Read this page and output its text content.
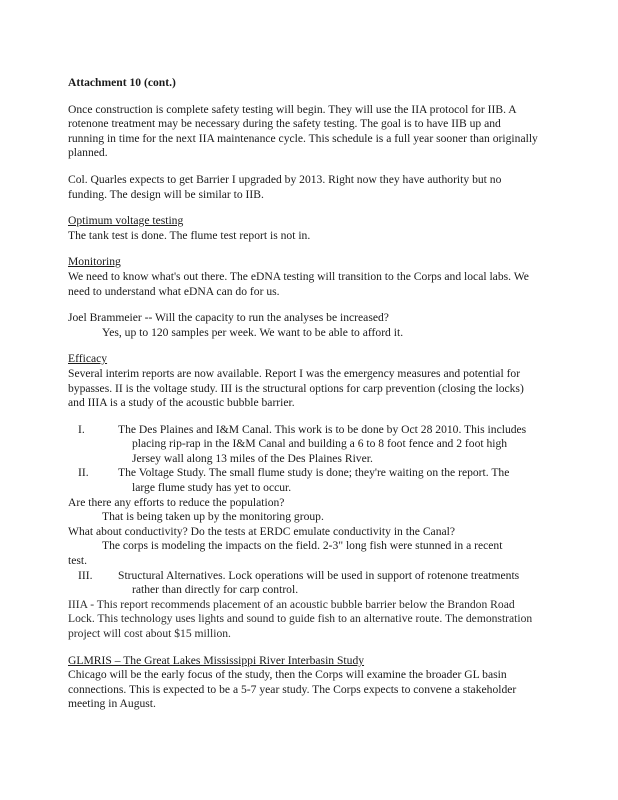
Attachment 10 (cont.)

Once construction is complete safety testing will begin. They will use the IIA protocol for IIB. A rotenone treatment may be necessary during the safety testing. The goal is to have IIB up and running in time for the next IIA maintenance cycle. This schedule is a full year sooner than originally planned.

Col. Quarles expects to get Barrier I upgraded by 2013. Right now they have authority but no funding. The design will be similar to IIB.

Optimum voltage testing

The tank test is done. The flume test report is not in.

Monitoring

We need to know what's out there. The eDNA testing will transition to the Corps and local labs. We need to understand what eDNA can do for us.

Joel Brammeier -- Will the capacity to run the analyses be increased?

Yes, up to 120 samples per week. We want to be able to afford it.

Efficacy

Several interim reports are now available. Report I was the emergency measures and potential for bypasses. II is the voltage study. III is the structural options for carp prevention (closing the locks) and IIIA is a study of the acoustic bubble barrier.

I.	The Des Plaines and I&M Canal. This work is to be done by Oct 28 2010. This includes
placing rip-rap in the I&M Canal and building a 6 to 8 foot fence and 2 foot high
Jersey wall along 13 miles of the Des Plaines River.
II.	The Voltage Study. The small flume study is done; they're waiting on the report. The
large flume study has yet to occur.

Are there any efforts to reduce the population?

That is being taken up by the monitoring group.

What about conductivity? Do the tests at ERDC emulate conductivity in the Canal?

The corps is modeling the impacts on the field. 2-3" long fish were stunned in a recent

test.

III. Structural Alternatives. Lock operations will be used in support of rotenone treatments
rather than directly for carp control.

IIIA - This report recommends placement of an acoustic bubble barrier below the Brandon Road Lock. This technology uses lights and sound to guide fish to an alternative route. The demonstration project will cost about $15 million.

GLMRIS – The Great Lakes Mississippi River Interbasin Study

Chicago will be the early focus of the study, then the Corps will examine the broader GL basin connections. This is expected to be a 5-7 year study. The Corps expects to convene a stakeholder meeting in August.
